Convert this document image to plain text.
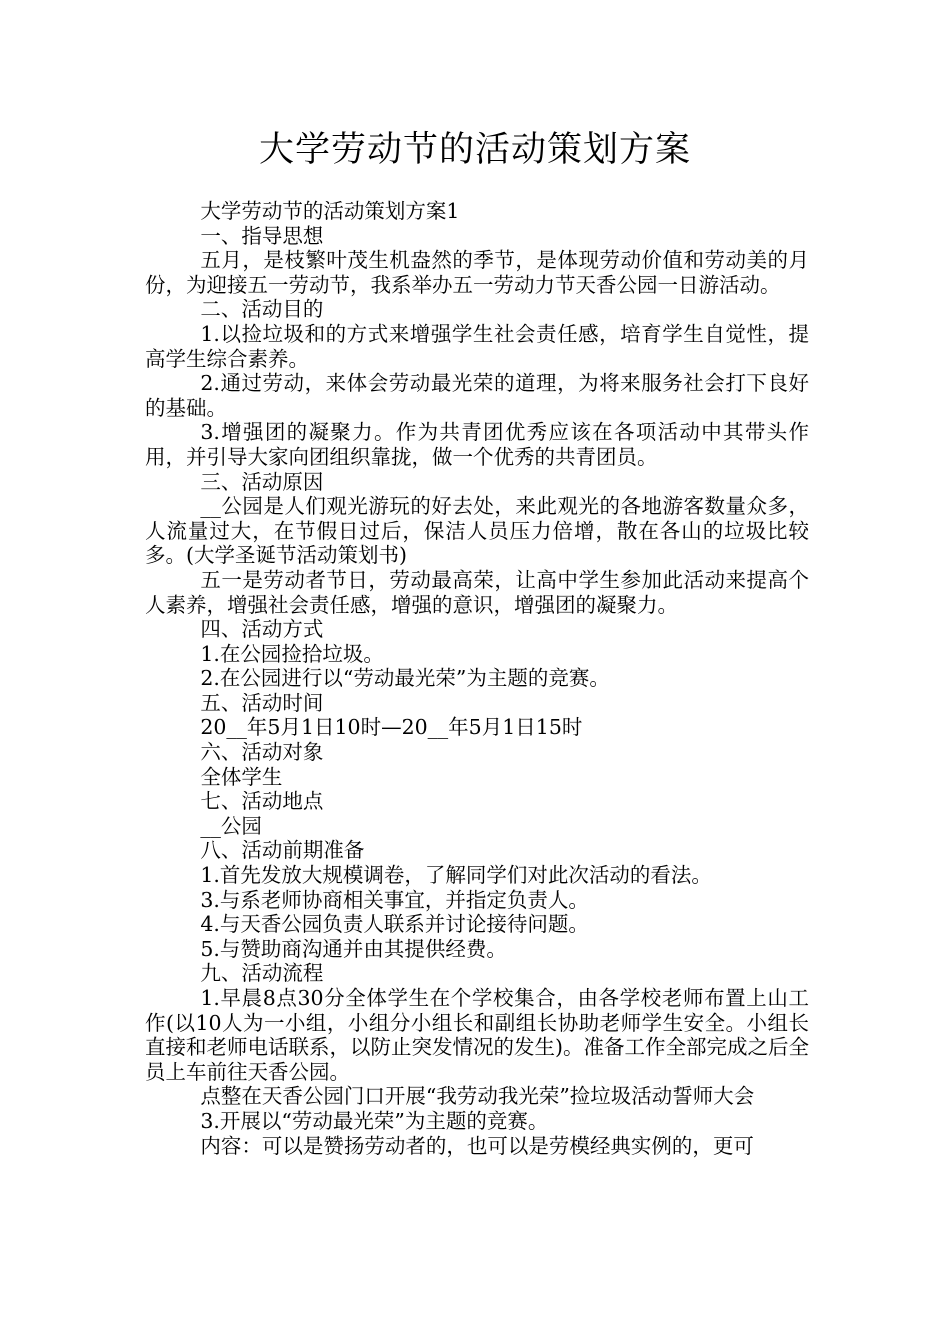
大学劳动节的活动策划方案

大学劳动节的活动策划方案1

一、指导思想

五月，是枝繁叶茂生机盎然的季节，是体现劳动价值和劳动美的月份，为迎接五一劳动节，我系举办五一劳动力节天香公园一日游活动。

二、活动目的

1.以捡垃圾和的方式来增强学生社会责任感，培育学生自觉性，提高学生综合素养。

2.通过劳动，来体会劳动最光荣的道理，为将来服务社会打下良好的基础。

3.增强团的凝聚力。作为共青团优秀应该在各项活动中其带头作用，并引导大家向团组织靠拢，做一个优秀的共青团员。

三、活动原因

__公园是人们观光游玩的好去处，来此观光的各地游客数量众多，人流量过大，在节假日过后，保洁人员压力倍增，散在各山的垃圾比较多。(大学圣诞节活动策划书)

五一是劳动者节日，劳动最高荣，让高中学生参加此活动来提高个人素养，增强社会责任感，增强的意识，增强团的凝聚力。

四、活动方式

1.在公园捡拾垃圾。

2.在公园进行以“劳动最光荣”为主题的竞赛。

五、活动时间

20__年5月1日10时—20__年5月1日15时

六、活动对象

全体学生

七、活动地点

__公园

八、活动前期准备

1.首先发放大规模调卷，了解同学们对此次活动的看法。

3.与系老师协商相关事宜，并指定负责人。

4.与天香公园负责人联系并讨论接待问题。

5.与赞助商沟通并由其提供经费。

九、活动流程

1.早晨8点30分全体学生在个学校集合，由各学校老师布置上山工作(以10人为一小组，小组分小组长和副组长协助老师学生安全。小组长直接和老师电话联系，以防止突发情况的发生)。准备工作全部完成之后全员上车前往天香公园。

点整在天香公园门口开展“我劳动我光荣”捡垃圾活动誓师大会

3.开展以“劳动最光荣”为主题的竞赛。

内容：可以是赞扬劳动者的，也可以是劳模经典实例的，更可
